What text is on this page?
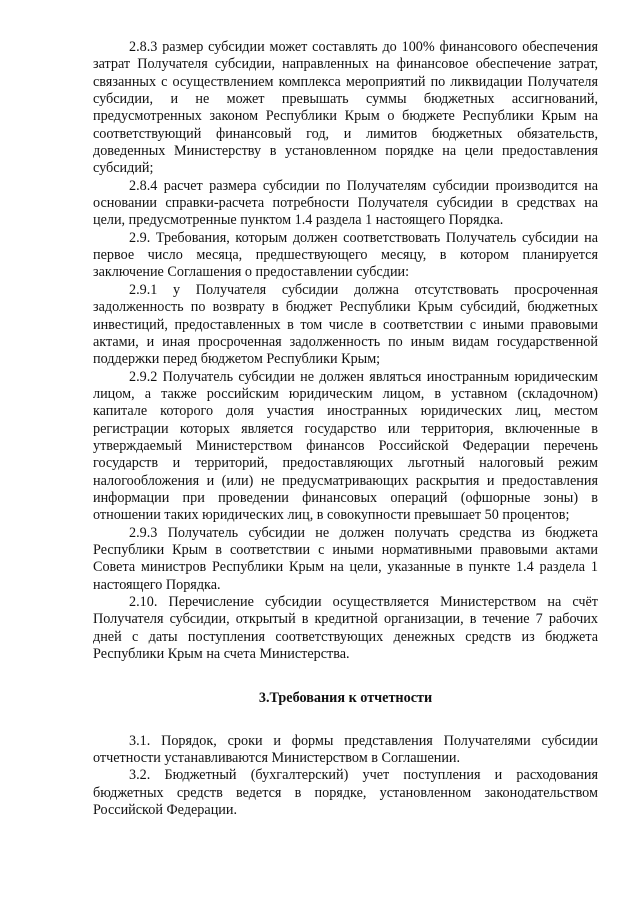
2.8.3 размер субсидии может составлять до 100% финансового обеспечения затрат Получателя субсидии, направленных на финансовое обеспечение затрат, связанных с осуществлением комплекса мероприятий по ликвидации Получателя субсидии, и не может превышать суммы бюджетных ассигнований, предусмотренных законом Республики Крым о бюджете Республики Крым на соответствующий финансовый год, и лимитов бюджетных обязательств, доведенных Министерству в установленном порядке на цели предоставления субсидий;

2.8.4 расчет размера субсидии по Получателям субсидии производится на основании справки-расчета потребности Получателя субсидии в средствах на цели, предусмотренные пунктом 1.4 раздела 1 настоящего Порядка.

2.9. Требования, которым должен соответствовать Получатель субсидии на первое число месяца, предшествующего месяцу, в котором планируется заключение Соглашения о предоставлении субсдии:

2.9.1 у Получателя субсидии должна отсутствовать просроченная задолженность по возврату в бюджет Республики Крым субсидий, бюджетных инвестиций, предоставленных в том числе в соответствии с иными правовыми актами, и иная просроченная задолженность по иным видам государственной поддержки перед бюджетом Республики Крым;

2.9.2 Получатель субсидии не должен являться иностранным юридическим лицом, а также российским юридическим лицом, в уставном (складочном) капитале которого доля участия иностранных юридических лиц, местом регистрации которых является государство или территория, включенные в утверждаемый Министерством финансов Российской Федерации перечень государств и территорий, предоставляющих льготный налоговый режим налогообложения и (или) не предусматривающих раскрытия и предоставления информации при проведении финансовых операций (офшорные зоны) в отношении таких юридических лиц, в совокупности превышает 50 процентов;

2.9.3 Получатель субсидии не должен получать средства из бюджета Республики Крым в соответствии с иными нормативными правовыми актами Совета министров Республики Крым на цели, указанные в пункте 1.4 раздела 1 настоящего Порядка.

2.10. Перечисление субсидии осуществляется Министерством на счёт Получателя субсидии, открытый в кредитной организации, в течение 7 рабочих дней с даты поступления соответствующих денежных средств из бюджета Республики Крым на счета Министерства.

3.Требования к отчетности

3.1. Порядок, сроки и формы представления Получателями субсидии отчетности устанавливаются Министерством в Соглашении.

3.2. Бюджетный (бухгалтерский) учет поступления и расходования бюджетных средств ведется в порядке, установленном законодательством Российской Федерации.
